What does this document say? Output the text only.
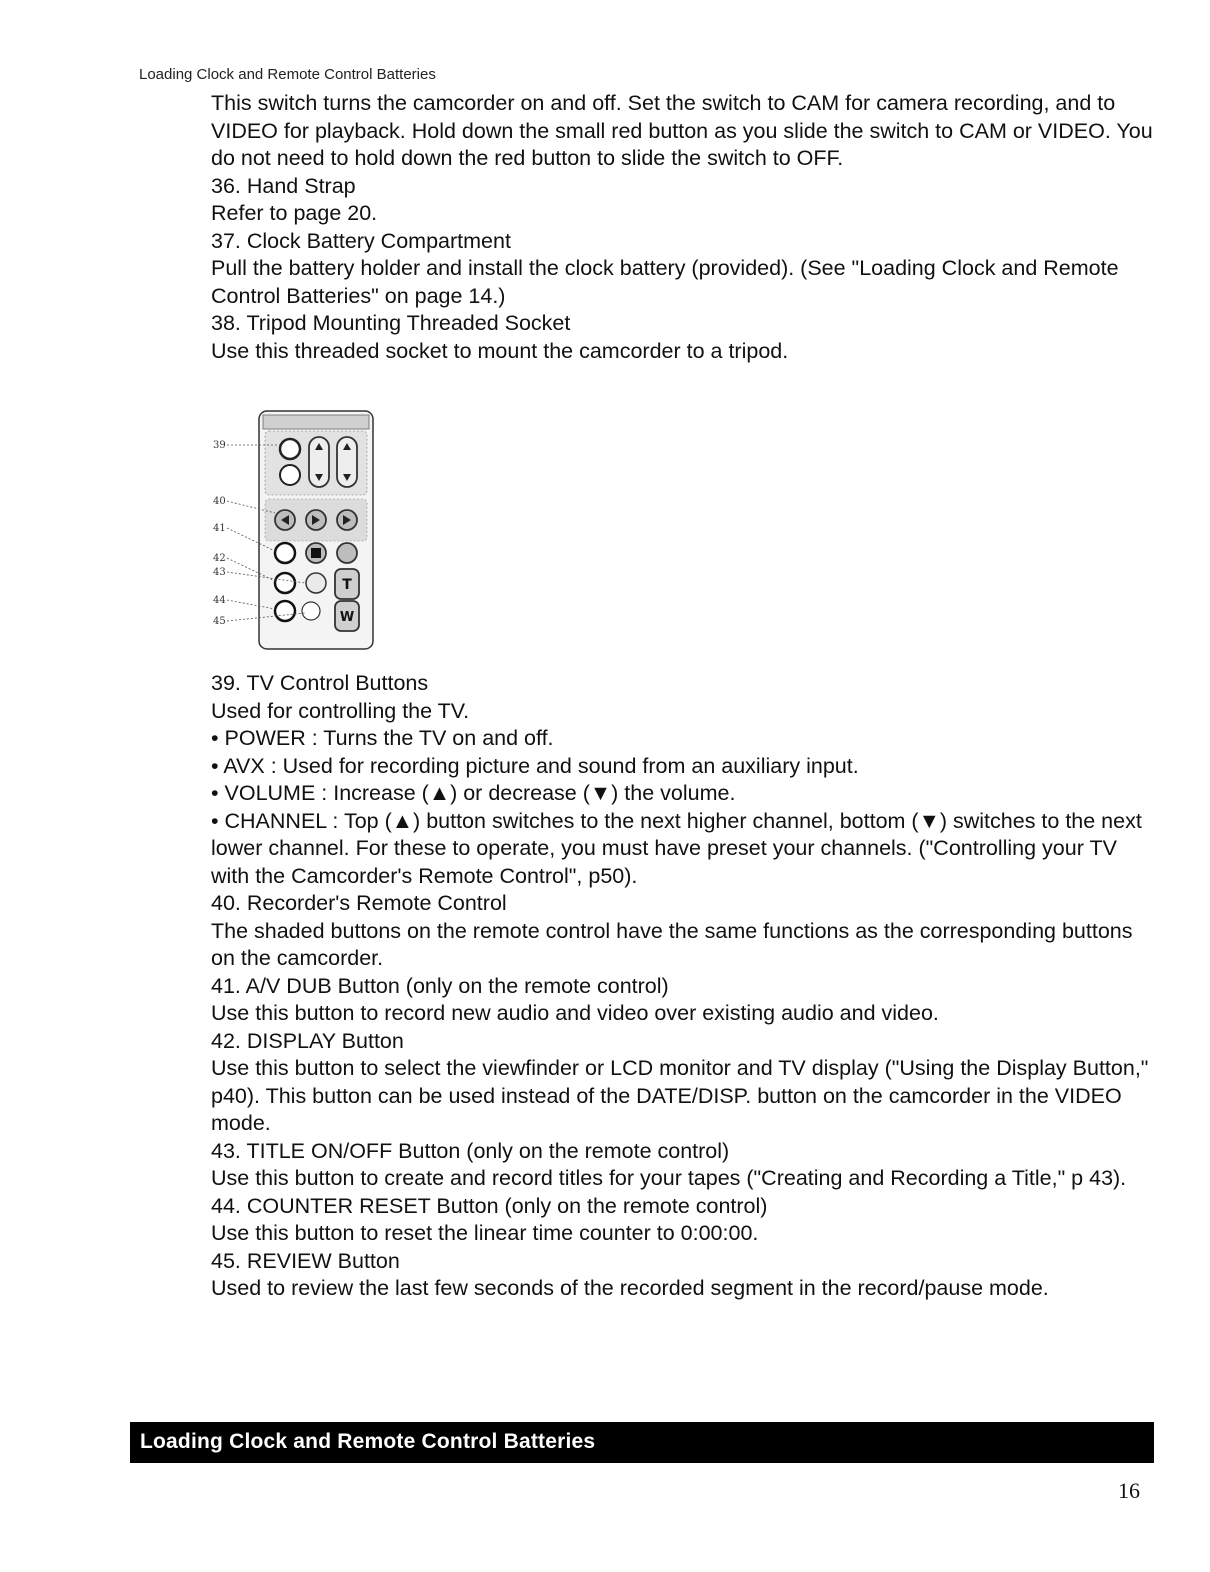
Loading Clock and Remote Control Batteries

This switch turns the camcorder on and off. Set the switch to CAM for camera recording, and to VIDEO for playback. Hold down the small red button as you slide the switch to CAM or VIDEO. You do not need to hold down the red button to slide the switch to OFF.

36. Hand Strap

Refer to page 20.

37. Clock Battery Compartment

Pull the battery holder and install the clock battery (provided). (See "Loading Clock and Remote Control Batteries" on page 14.)

38. Tripod Mounting Threaded Socket

Use this threaded socket to mount the camcorder to a tripod.

T
W
39
40
41
42
43
44
45

39. TV Control Buttons

Used for controlling the TV.

• POWER : Turns the TV on and off.

• AVX : Used for recording picture and sound from an auxiliary input.

• VOLUME : Increase (▲) or decrease (▼) the volume.

• CHANNEL : Top (▲) button switches to the next higher channel, bottom (▼) switches to the next lower channel. For these to operate, you must have preset your channels. ("Controlling your TV with the Camcorder's Remote Control", p50).

40. Recorder's Remote Control

The shaded buttons on the remote control have the same functions as the corresponding buttons on the camcorder.

41. A/V DUB Button (only on the remote control)

Use this button to record new audio and video over existing audio and video.

42. DISPLAY Button

Use this button to select the viewfinder or LCD monitor and TV display ("Using the Display Button," p40). This button can be used instead of the DATE/DISP. button on the camcorder in the VIDEO mode.

43. TITLE ON/OFF Button (only on the remote control)

Use this button to create and record titles for your tapes ("Creating and Recording a Title," p 43).

44. COUNTER RESET Button (only on the remote control)

Use this button to reset the linear time counter to 0:00:00.

45. REVIEW Button

Used to review the last few seconds of the recorded segment in the record/pause mode.

Loading Clock and Remote Control Batteries
16
